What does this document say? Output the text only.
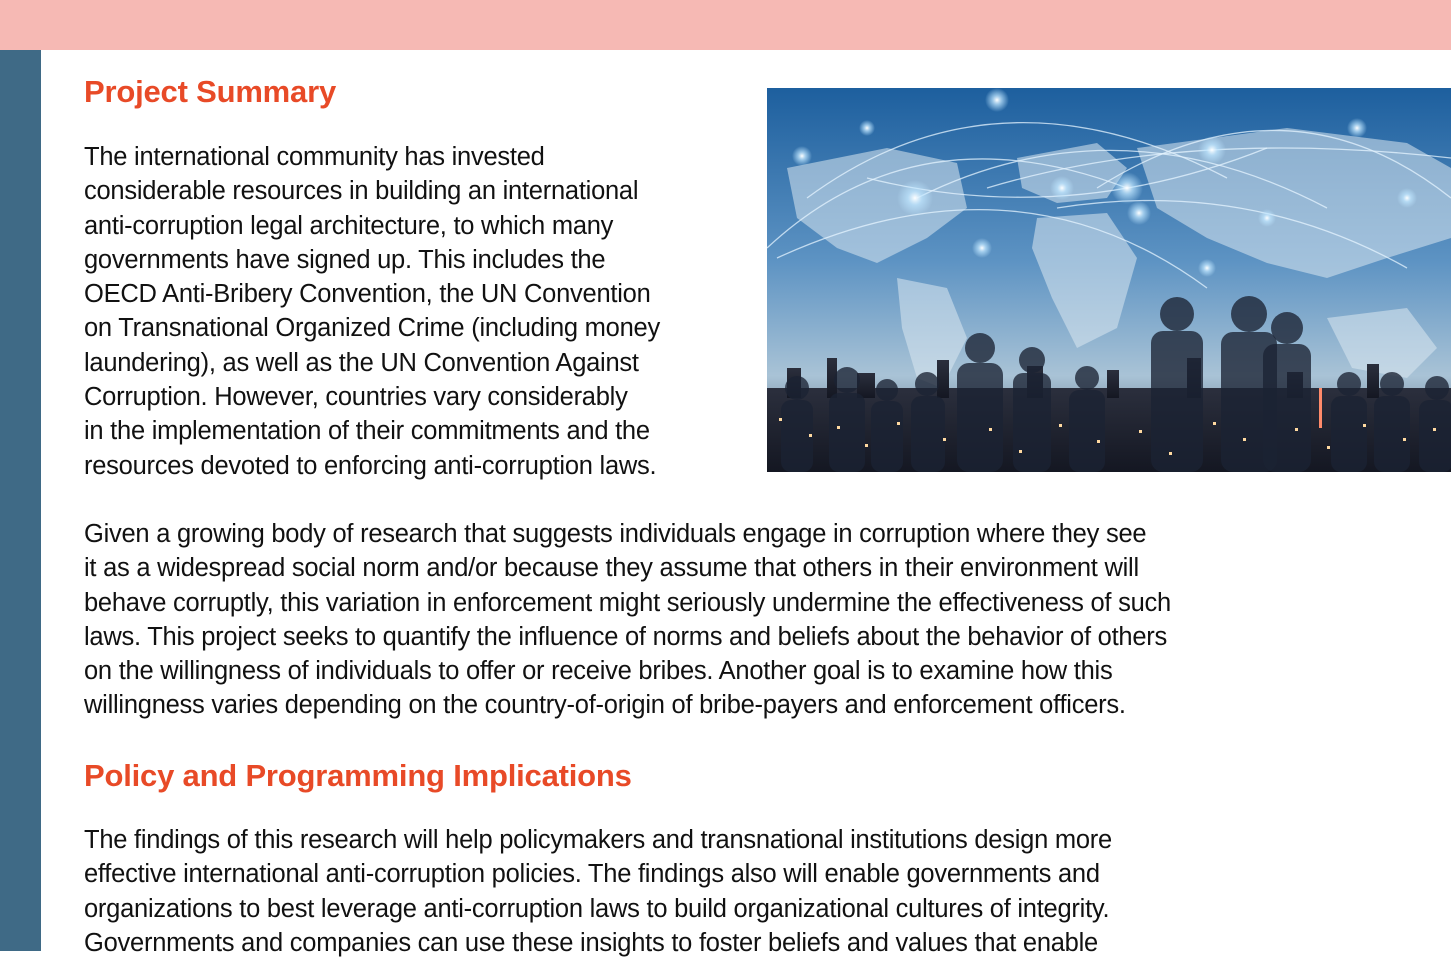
Project Summary

The international community has invested
considerable resources in building an international
anti-corruption legal architecture, to which many
governments have signed up. This includes the
OECD Anti-Bribery Convention, the UN Convention
on Transnational Organized Crime (including money
laundering), as well as the UN Convention Against
Corruption. However, countries vary considerably
in the implementation of their commitments and the
resources devoted to enforcing anti-corruption laws.

Given a growing body of research that suggests individuals engage in corruption where they see
it as a widespread social norm and/or because they assume that others in their environment will
behave corruptly, this variation in enforcement might seriously undermine the effectiveness of such
laws. This project seeks to quantify the influence of norms and beliefs about the behavior of others
on the willingness of individuals to offer or receive bribes. Another goal is to examine how this
willingness varies depending on the country-of-origin of bribe-payers and enforcement officers.

Policy and Programming Implications

The findings of this research will help policymakers and transnational institutions design more
effective international anti-corruption policies. The findings also will enable governments and
organizations to best leverage anti-corruption laws to build organizational cultures of integrity.
Governments and companies can use these insights to foster beliefs and values that enable
